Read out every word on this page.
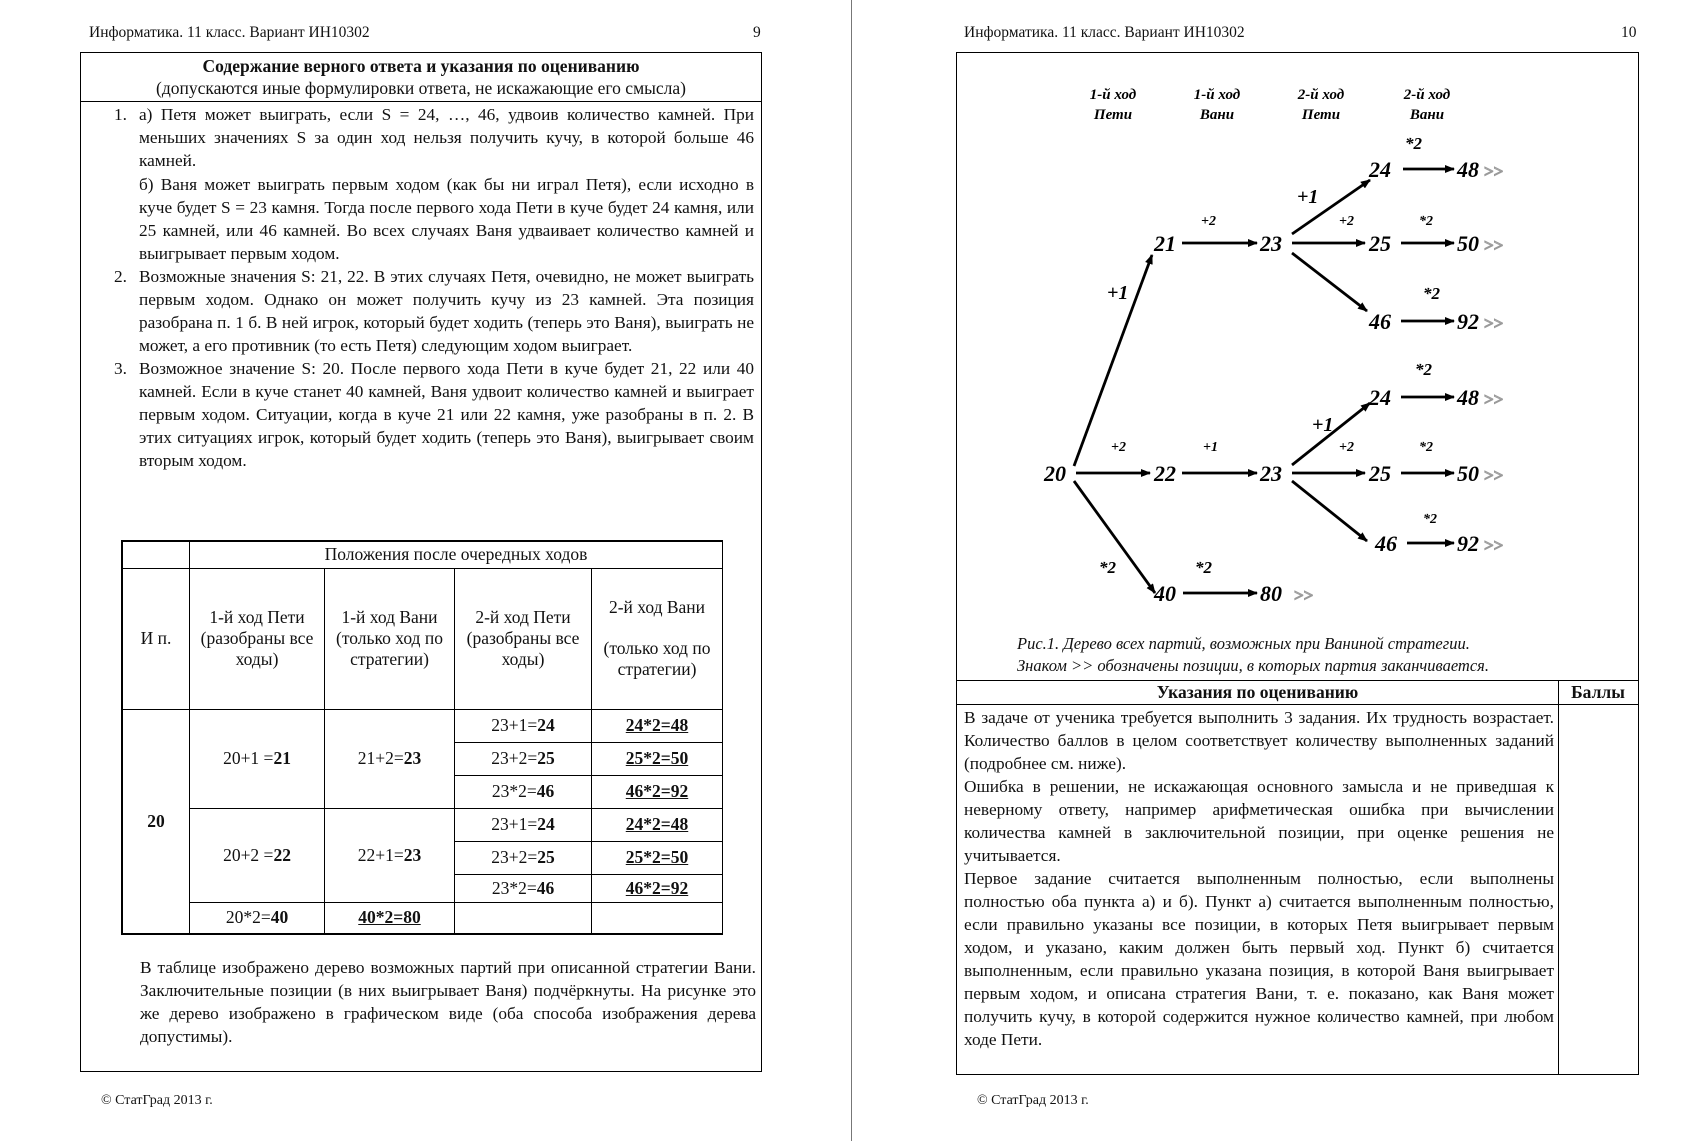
Информатика. 11 класс. Вариант ИН10302	9
Содержание верного ответа и указания по оцениванию
(допускаются иные формулировки ответа, не искажающие его смысла)
1. а) Петя может выиграть, если S = 24, …, 46, удвоив количество камней. При меньших значениях S за один ход нельзя получить кучу, в которой больше 46 камней.

б) Ваня может выиграть первым ходом (как бы ни играл Петя), если исходно в куче будет S = 23 камня. Тогда после первого хода Пети в куче будет 24 камня, или 25 камней, или 46 камней. Во всех случаях Ваня удваивает количество камней и выигрывает первым ходом.

2. Возможные значения S: 21, 22. В этих случаях Петя, очевидно, не может выиграть первым ходом. Однако он может получить кучу из 23 камней. Эта позиция разобрана п. 1 б. В ней игрок, который будет ходить (теперь это Ваня), выиграть не может, а его противник (то есть Петя) следующим ходом выиграет.

3. Возможное значение S: 20. После первого хода Пети в куче будет 21, 22 или 40 камней. Если в куче станет 40 камней, Ваня удвоит количество камней и выиграет первым ходом. Ситуации, когда в куче 21 или 22 камня, уже разобраны в п. 2. В этих ситуациях игрок, который будет ходить (теперь это Ваня), выигрывает своим вторым ходом.

	Положения после очередных ходов			
И п.	1-й ход Пети (разобраны все ходы)	1-й ход Вани (только ход по стратегии)	2-й ход Пети (разобраны все ходы)	2-й ход Вани
(только ход по стратегии)

20	20+1 =21	21+2=23	23+1=24	24*2=48
			23+2=25	25*2=50
			23*2=46	46*2=92
	20+2 =22	22+1=23	23+1=24	24*2=48
			23+2=25	25*2=50
			23*2=46	46*2=92
	20*2=40	40*2=80		
В таблице изображено дерево возможных партий при описанной стратегии Вани. Заключительные позиции (в них выигрывает Ваня) подчёркнуты. На рисунке это же дерево изображено в графическом виде (оба способа изображения дерева допустимы).
© СтатГрад 2013 г.
Информатика. 11 класс. Вариант ИН10302	10
1-й ход
Пети
1-й ход
Вани
2-й ход
Пети
2-й ход
Вани
20
21
22
40
23
23
80
24
25
46
24
25
46
48
50
92
48
50
92
>>
>>
>>
>>
>>
>>
>>
+1
+2
+1
+2
*2
*2
*2
*2
+2	+1
+1
+2	*2
*2
*2	*2
Рис.1. Дерево всех партий, возможных при Ваниной стратегии.
Знаком >> обозначены позиции, в которых партия заканчивается.
Указания по оцениванию	Баллы

В задаче от ученика требуется выполнить 3 задания. Их трудность возрастает. Количество баллов в целом соответствует количеству выполненных заданий (подробнее см. ниже).

Ошибка в решении, не искажающая основного замысла и не приведшая к неверному ответу, например арифметическая ошибка при вычислении количества камней в заключительной позиции, при оценке решения не учитывается.

Первое задание считается выполненным полностью, если выполнены полностью оба пункта а) и б). Пункт а) считается выполненным полностью, если правильно указаны все позиции, в которых Петя выигрывает первым ходом, и указано, каким должен быть первый ход. Пункт б) считается выполненным, если правильно указана позиция, в которой Ваня выигрывает первым ходом, и описана стратегия Вани, т. е. показано, как Ваня может получить кучу, в которой содержится нужное количество камней, при любом ходе Пети.

© СтатГрад 2013 г.
